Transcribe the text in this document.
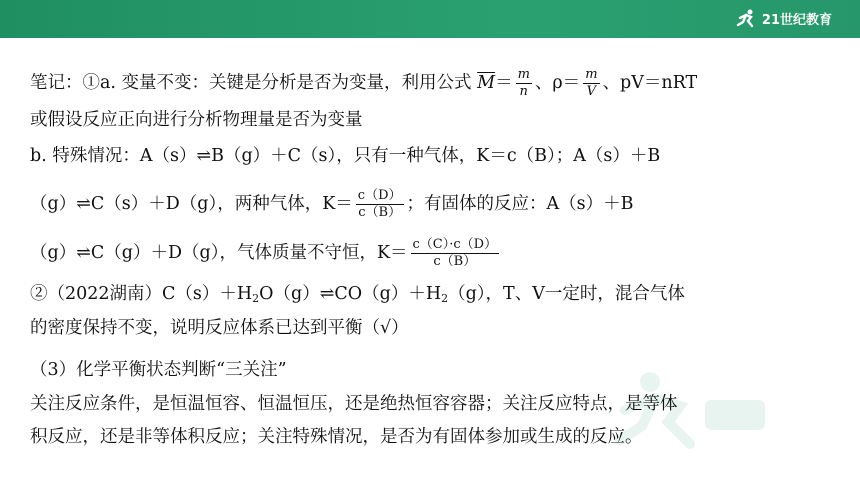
21世纪教育
笔记：①a. 变量不变：关键是分析是否为变量，利用公式 $\overline{M}= \frac{m}{n}$ 、$\rho= \frac{m}{V}$ 、pV＝nRT
或假设反应正向进行分析物理量是否为变量
b. 特殊情况：A（s）⇌B（g）＋C（s），只有一种气体，K＝c（B）；A（s）＋B
（g）⇌C（s）＋D（g），两种气体，$K= \frac{c(D)}{c(B)}$ ；有固体的反应：A（s）＋B
（g）⇌C（g）＋D（g），气体质量不守恒，$K= \frac{c(C)\cdot c(D)}{c(B)}$
②（2022湖南）$C(s)+H_2O(g)\rightleftharpoons CO(g)+H_2(g)$，T、V一定时，混合气体
的密度保持不变，说明反应体系已达到平衡（√）
（3）化学平衡状态判断“三关注”
关注反应条件，是恒温恒容、恒温恒压，还是绝热恒容容器；关注反应特点，是等体
积反应，还是非等体积反应；关注特殊情况，是否为有固体参加或生成的反应。
